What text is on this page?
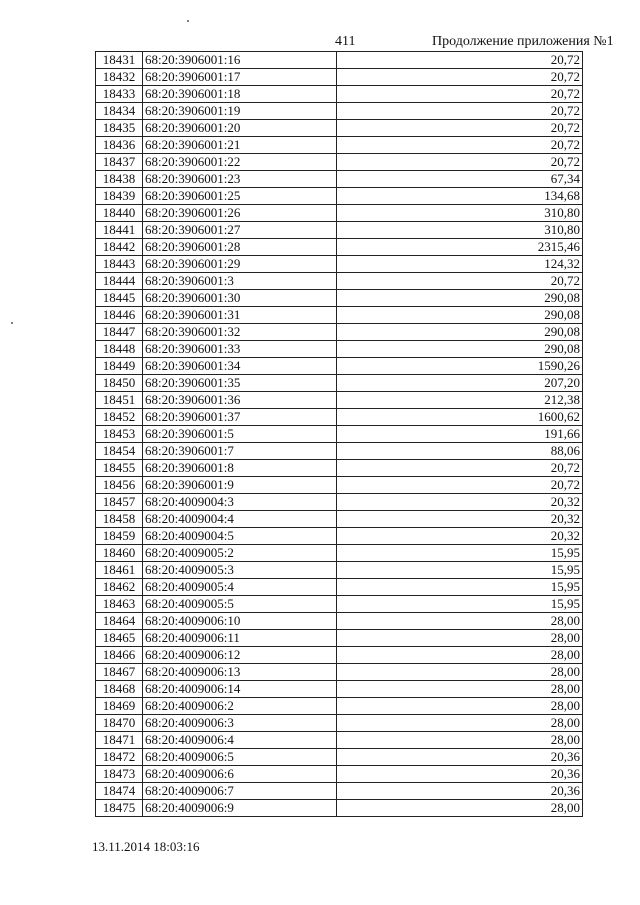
411	Продолжение приложения №1
18431	68:20:3906001:16	20,72
18432	68:20:3906001:17	20,72
18433	68:20:3906001:18	20,72
18434	68:20:3906001:19	20,72
18435	68:20:3906001:20	20,72
18436	68:20:3906001:21	20,72
18437	68:20:3906001:22	20,72
18438	68:20:3906001:23	67,34
18439	68:20:3906001:25	134,68
18440	68:20:3906001:26	310,80
18441	68:20:3906001:27	310,80
18442	68:20:3906001:28	2315,46
18443	68:20:3906001:29	124,32
18444	68:20:3906001:3	20,72
18445	68:20:3906001:30	290,08
18446	68:20:3906001:31	290,08
18447	68:20:3906001:32	290,08
18448	68:20:3906001:33	290,08
18449	68:20:3906001:34	1590,26
18450	68:20:3906001:35	207,20
18451	68:20:3906001:36	212,38
18452	68:20:3906001:37	1600,62
18453	68:20:3906001:5	191,66
18454	68:20:3906001:7	88,06
18455	68:20:3906001:8	20,72
18456	68:20:3906001:9	20,72
18457	68:20:4009004:3	20,32
18458	68:20:4009004:4	20,32
18459	68:20:4009004:5	20,32
18460	68:20:4009005:2	15,95
18461	68:20:4009005:3	15,95
18462	68:20:4009005:4	15,95
18463	68:20:4009005:5	15,95
18464	68:20:4009006:10	28,00
18465	68:20:4009006:11	28,00
18466	68:20:4009006:12	28,00
18467	68:20:4009006:13	28,00
18468	68:20:4009006:14	28,00
18469	68:20:4009006:2	28,00
18470	68:20:4009006:3	28,00
18471	68:20:4009006:4	28,00
18472	68:20:4009006:5	20,36
18473	68:20:4009006:6	20,36
18474	68:20:4009006:7	20,36
18475	68:20:4009006:9	28,00
13.11.2014 18:03:16
